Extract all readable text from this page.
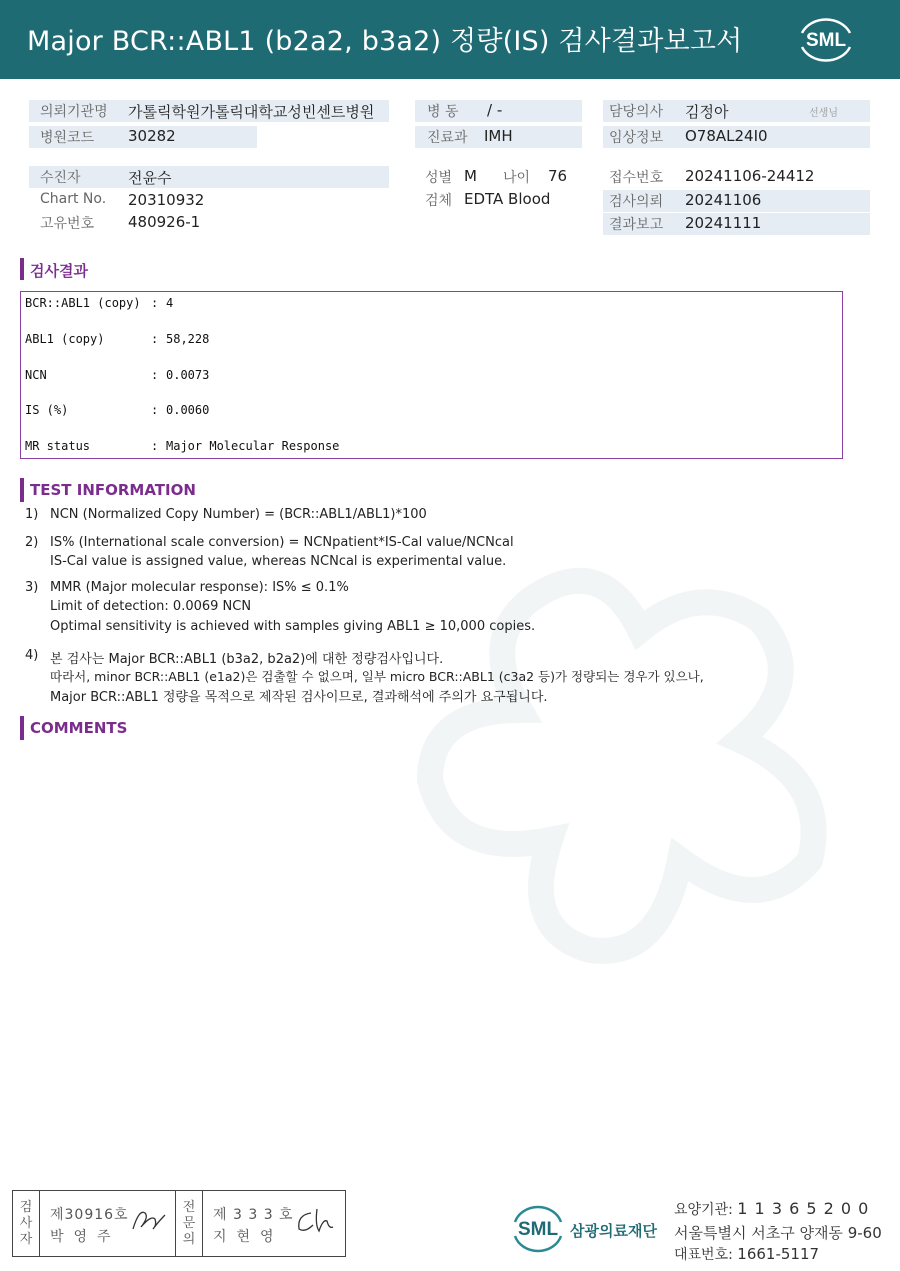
Major BCR::ABL1 (b2a2, b3a2) 정량(IS) 검사결과보고서	SML
의뢰기관명 가톨릭학원가톨릭대학교성빈센트병원
병원코드 30282
수진자	전윤수
Chart No. 20310932
고유번호 480926-1
병 동 / -
진료과 IMH
성별 M 나이 76
검체 EDTA Blood
담당의사 김정아	선생님
임상정보 O78AL24I0
접수번호 20241106-24412
검사의뢰 20241106
결과보고 20241111
검사결과
BCR::ABL1 (copy) : 4
ABL1 (copy)	: 58,228
NCN	: 0.0073
IS (%)	: 0.0060
MR status	: Major Molecular Response
TEST INFORMATION
1) NCN (Normalized Copy Number) = (BCR::ABL1/ABL1)*100
2) IS% (International scale conversion) = NCNpatient*IS-Cal value/NCNcal
IS-Cal value is assigned value, whereas NCNcal is experimental value.
3) MMR (Major molecular response): IS% ≤ 0.1%
Limit of detection: 0.0069 NCN
Optimal sensitivity is achieved with samples giving ABL1 ≥ 10,000 copies.
4) 본 검사는 Major BCR::ABL1 (b3a2, b2a2)에 대한 정량검사입니다.
따라서, minor BCR::ABL1 (e1a2)은 검출할 수 없으며, 일부 micro BCR::ABL1 (c3a2 등)가 정량되는 경우가 있으나,
Major BCR::ABL1 정량을 목적으로 제작된 검사이므로, 결과해석에 주의가 요구됩니다.
COMMENTS
검사자
제30916호
박영주
전문의
제 3 3 3 호
지현영	SML 삼광의료재단
요양기관: 1 1 3 6 5 2 0 0
서울특별시 서초구 양재동 9-60
대표번호: 1661-5117
